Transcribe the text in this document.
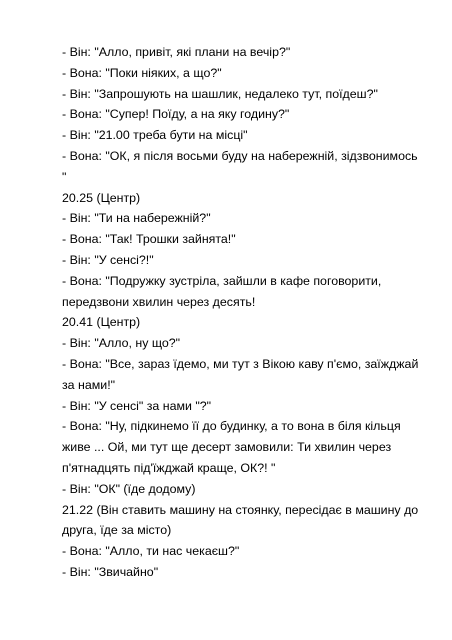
- Він: "Алло, привіт, які плани на вечір?"
- Вона: "Поки ніяких, а що?"
- Він: "Запрошують на шашлик, недалеко тут, поїдеш?"
- Вона: "Супер! Поїду, а на яку годину?"
- Він: "21.00 треба бути на місці"
- Вона: "ОК, я після восьми буду на набережній, зідзвонимось
"
20.25 (Центр)
- Він: "Ти на набережній?"
- Вона: "Так! Трошки зайнята!"
- Він: "У сенсі?!"
- Вона: "Подружку зустріла, зайшли в кафе поговорити,
передзвони хвилин через десять!
20.41 (Центр)
- Він: "Алло, ну що?"
- Вона: "Все, зараз їдемо, ми тут з Вікою каву п'ємо, заїжджай
за нами!"
- Він: "У сенсі" за нами "?"
- Вона: "Ну, підкинемо її до будинку, а то вона в біля кільця
живе ... Ой, ми тут ще десерт замовили: Ти хвилин через
п'ятнадцять під'їжджай краще, ОК?! "
- Він: "ОК" (їде додому)
21.22 (Він ставить машину на стоянку, пересідає в машину до
друга, їде за місто)
- Вона: "Алло, ти нас чекаєш?"
- Він: "Звичайно"
